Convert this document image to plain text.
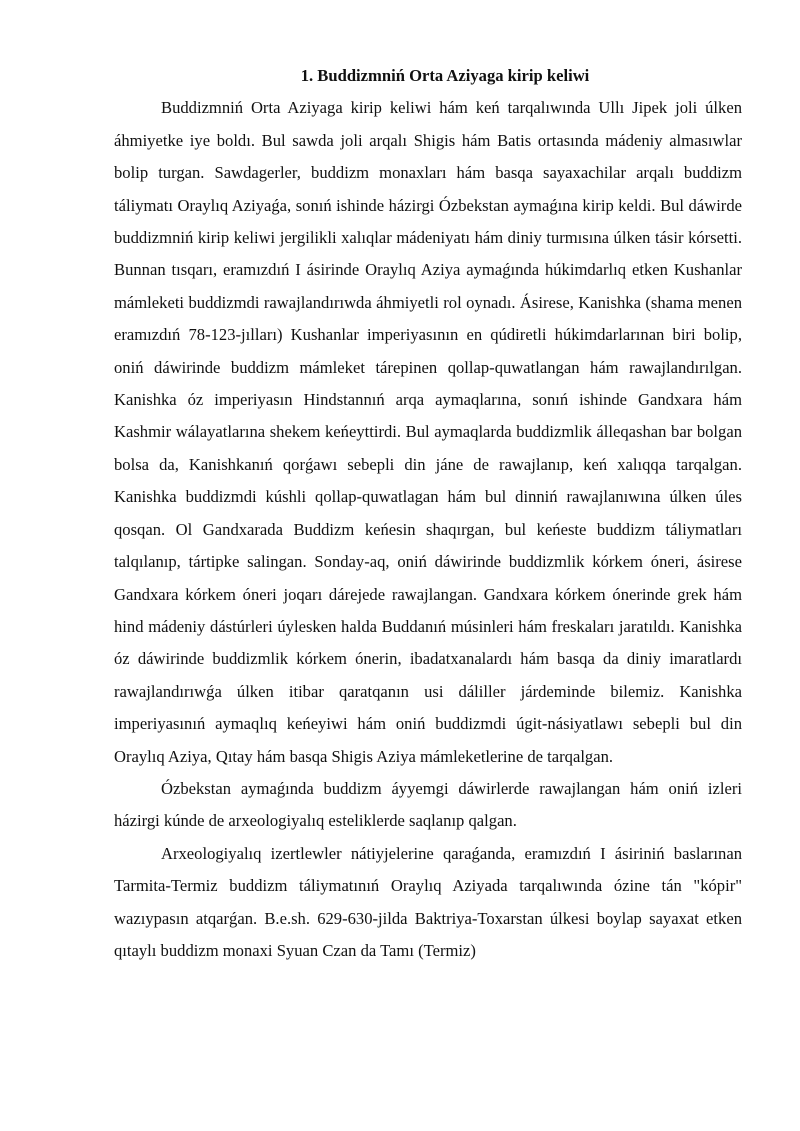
1. Buddizmniń Orta Aziyaga kirip keliwi

Buddizmniń Orta Aziyaga kirip keliwi hám keń tarqalıwında Ullı Jipek joli úlken áhmiyetke iye boldı. Bul sawda joli arqalı Shigis hám Batis ortasında mádeniy almasıwlar bolip turgan. Sawdagerler, buddizm monaxları hám basqa sayaxachilar arqalı buddizm táliymatı Oraylıq Aziyaǵa, sonıń ishinde házirgi Ózbekstan aymaǵına kirip keldi. Bul dáwirde buddizmniń kirip keliwi jergilikli xalıqlar mádeniyatı hám diniy turmısına úlken tásir kórsetti. Bunnan tısqarı, eramızdıń I ásirinde Oraylıq Aziya aymaǵında húkimdarlıq etken Kushanlar mámleketi buddizmdi rawajlandırıwda áhmiyetli rol oynadı. Ásirese, Kanishka (shama menen eramızdıń 78-123-jılları) Kushanlar imperiyasının en qúdiretli húkimdarlarınan biri bolip, oniń dáwirinde buddizm mámleket tárepinen qollap-quwatlangan hám rawajlandırılgan. Kanishka óz imperiyasın Hindstannıń arqa aymaqlarına, sonıń ishinde Gandxara hám Kashmir wálayatlarına shekem keńeyttirdi. Bul aymaqlarda buddizmlik álleqashan bar bolgan bolsa da, Kanishkanıń qorǵawı sebepli din jáne de rawajlanıp, keń xalıqqa tarqalgan. Kanishka buddizmdi kúshli qollap-quwatlagan hám bul dinniń rawajlanıwına úlken úles qosqan. Ol Gandxarada Buddizm keńesin shaqırgan, bul keńeste buddizm táliymatları talqılanıp, tártipke salingan. Sonday-aq, oniń dáwirinde buddizmlik kórkem óneri, ásirese Gandxara kórkem óneri joqarı dárejede rawajlangan. Gandxara kórkem ónerinde grek hám hind mádeniy dástúrleri úylesken halda Buddanıń músinleri hám freskaları jaratıldı. Kanishka óz dáwirinde buddizmlik kórkem ónerin, ibadatxanalardı hám basqa da diniy imaratlardı rawajlandırıwǵa úlken itibar qaratqanın usi dáliller járdeminde bilemiz. Kanishka imperiyasınıń aymaqlıq keńeyiwi hám oniń buddizmdi úgit-násiyatlawı sebepli bul din Oraylıq Aziya, Qıtay hám basqa Shigis Aziya mámleketlerine de tarqalgan.

Ózbekstan aymaǵında buddizm áyyemgi dáwirlerde rawajlangan hám oniń izleri házirgi kúnde de arxeologiyalıq esteliklerde saqlanıp qalgan.

Arxeologiyalıq izertlewler nátiyjelerine qaraǵanda, eramızdıń I ásiriniń baslarınan Tarmita-Termiz buddizm táliymatınıń Oraylıq Aziyada tarqalıwında ózine tán "kópir" wazıypasın atqarǵan. B.e.sh. 629-630-jilda Baktriya-Toxarstan úlkesi boylap sayaxat etken qıtaylı buddizm monaxi Syuan Czan da Tamı (Termiz)
